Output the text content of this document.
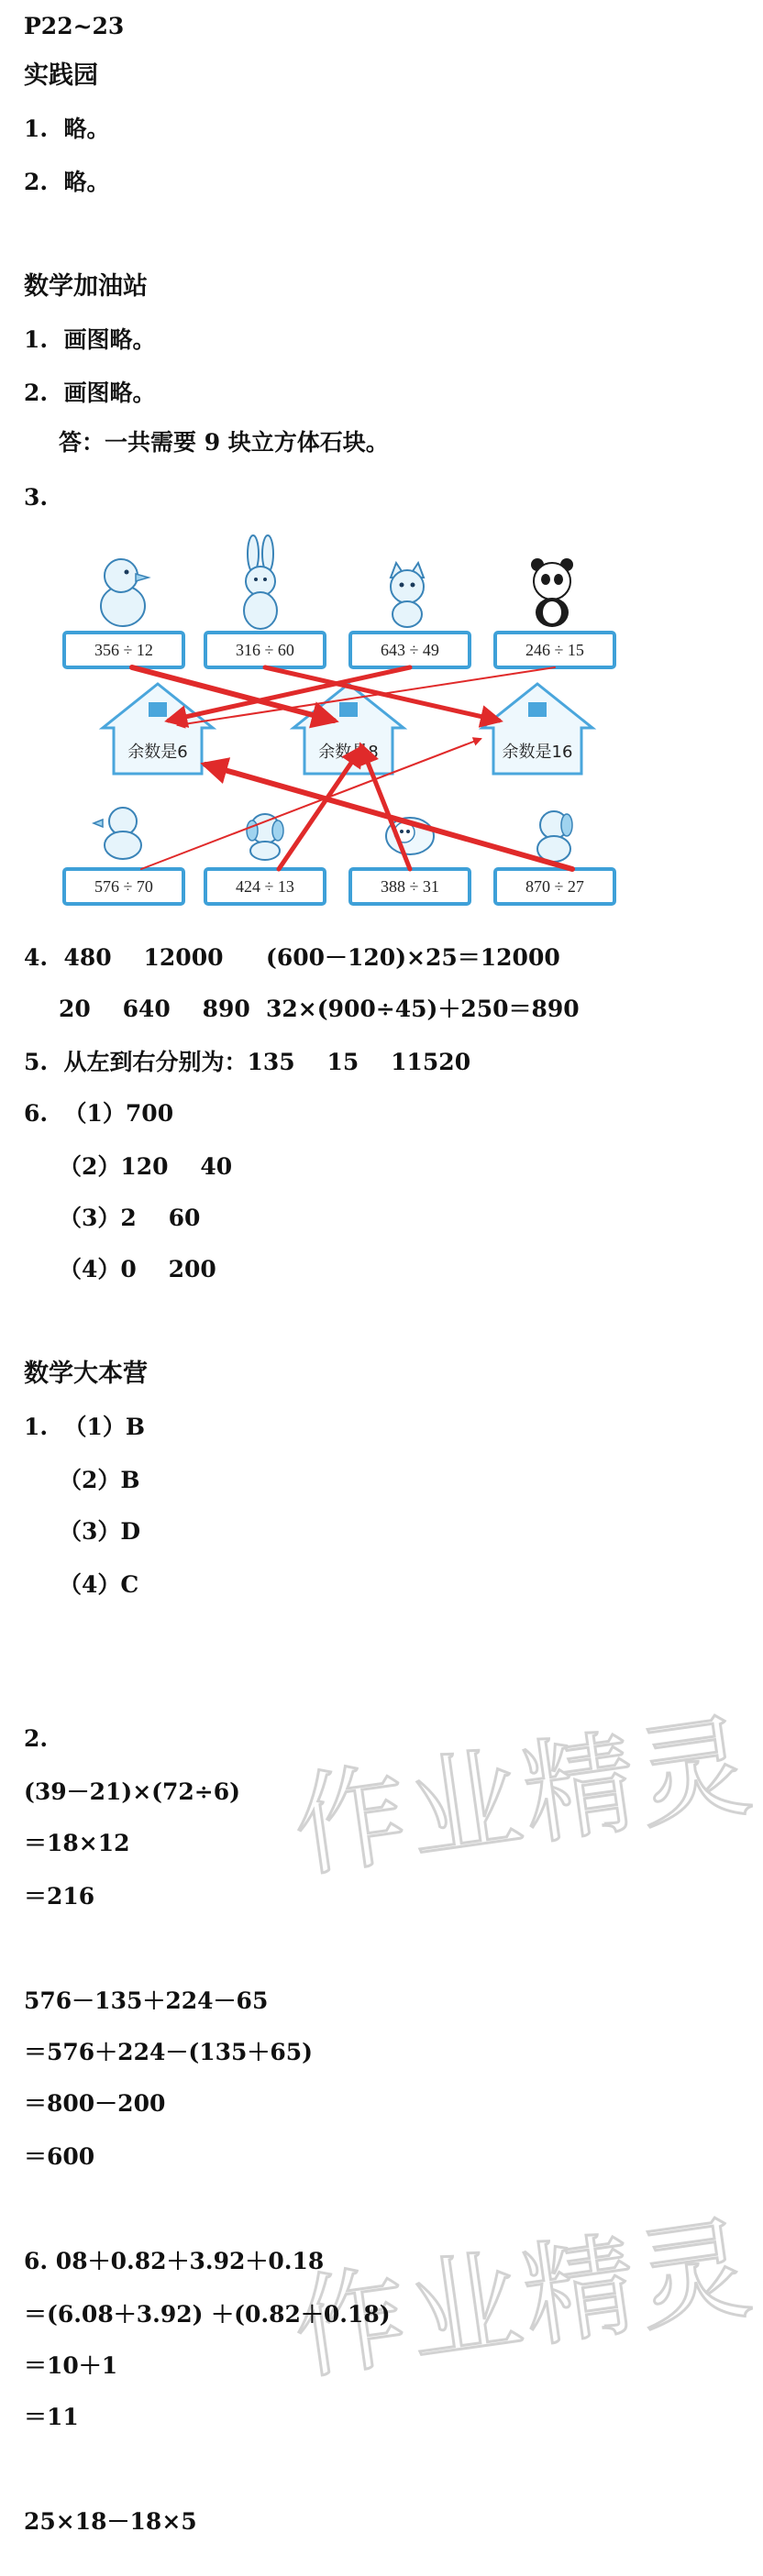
作业精灵
作业精灵
P22~23
实践园
1.  略。
2.  略。
数学加油站
1.  画图略。
2.  画图略。
答：一共需要 9 块立方体石块。
3.
356 ÷ 12	316 ÷ 60	643 ÷ 49	246 ÷ 15
余数是6	余数是8	余数是16
576 ÷ 70	424 ÷ 13	388 ÷ 31	870 ÷ 27
4.  480    12000 (600－120)×25＝12000
20    640    890 32×(900÷45)＋250＝890
5.  从左到右分别为：135    15    11520
6.  （1）700
（2）120    40
（3）2    60
（4）0    200
数学大本营
1.  （1）B
（2）B
（3）D
（4）C
2.
(39－21)×(72÷6)
＝18×12
＝216
576－135＋224－65
＝576＋224－(135＋65)
＝800－200
＝600
6. 08＋0.82＋3.92＋0.18
＝(6.08＋3.92) ＋(0.82＋0.18)
＝10＋1
＝11
25×18－18×5
